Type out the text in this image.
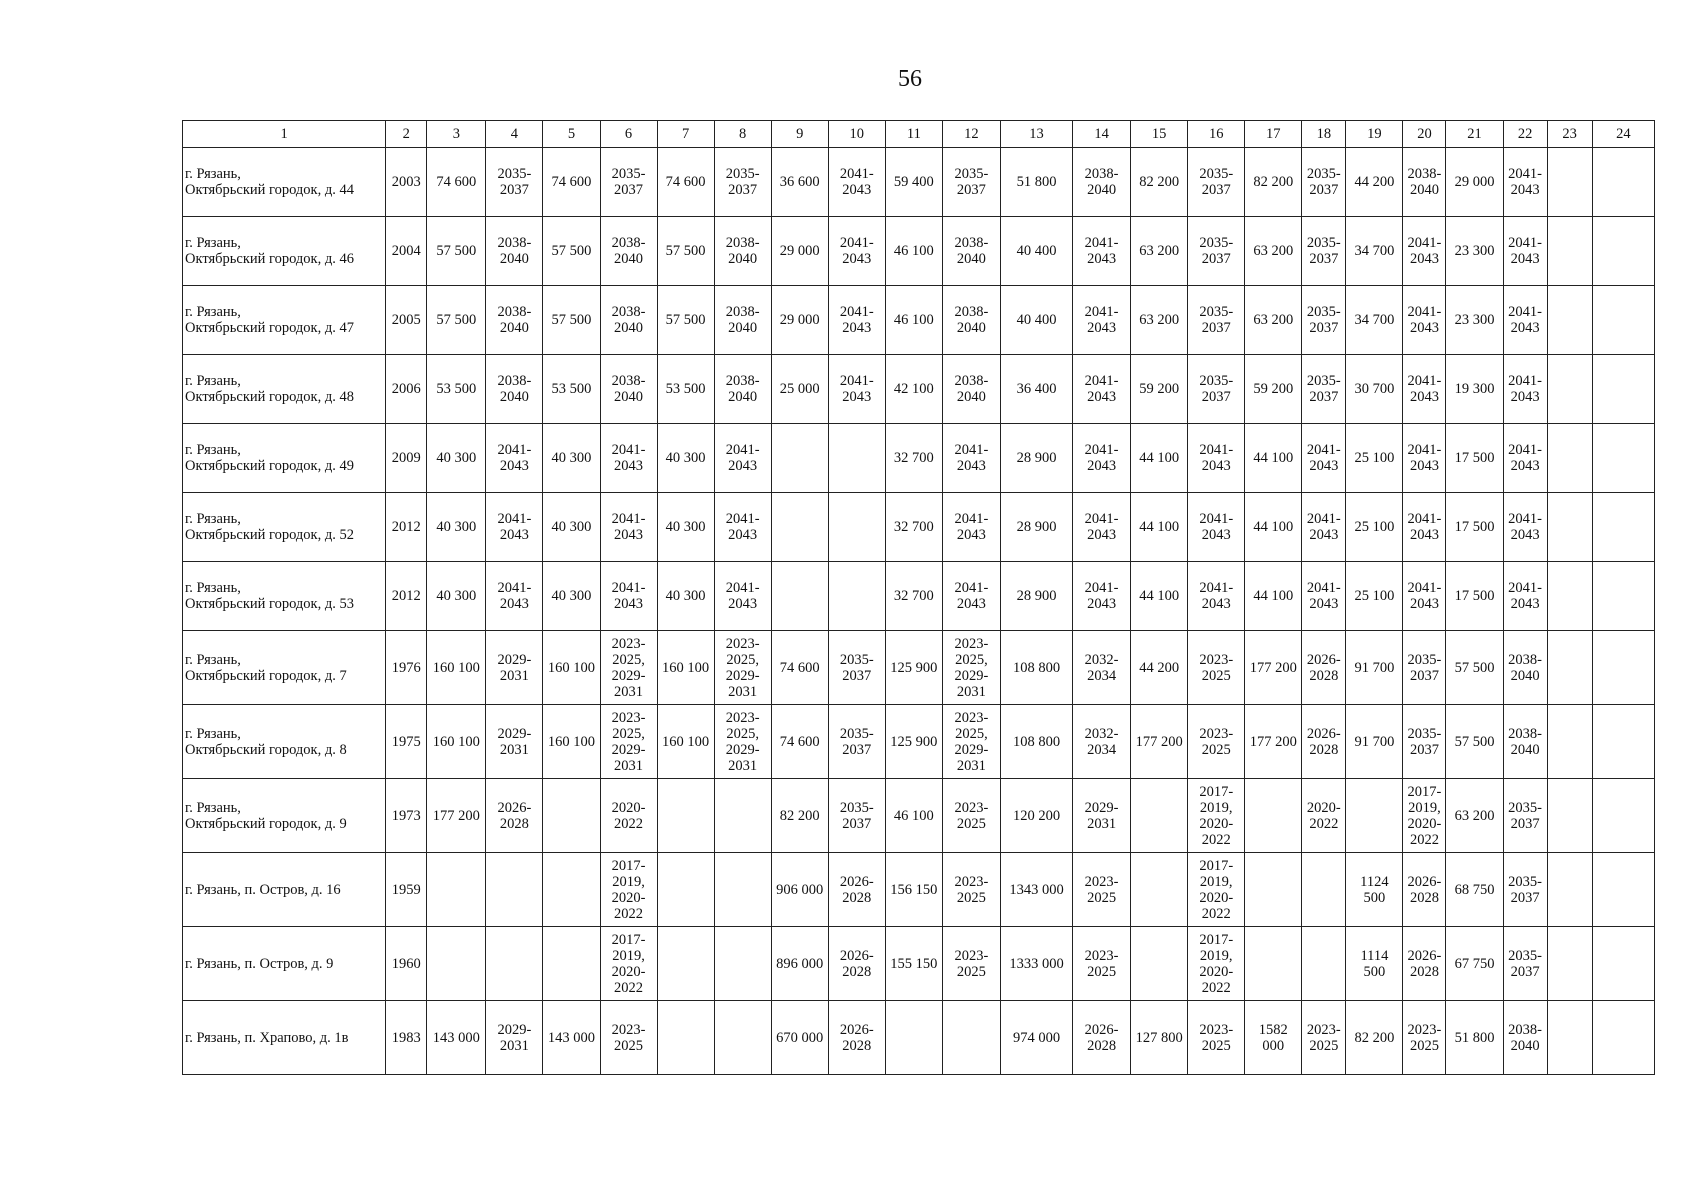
56
1	2	3	4	5	6	7	8	9	10	11	12	13	14	15	16	17	18	19	20	21	22	23	24
г. Рязань,
Октябрьский городок, д. 44	2003	74 600	2035-
2037	74 600	2035-
2037	74 600	2035-
2037	36 600	2041-
2043	59 400	2035-
2037	51 800	2038-
2040	82 200	2035-
2037	82 200	2035-
2037	44 200	2038-
2040	29 000	2041-
2043		
г. Рязань,
Октябрьский городок, д. 46	2004	57 500	2038-
2040	57 500	2038-
2040	57 500	2038-
2040	29 000	2041-
2043	46 100	2038-
2040	40 400	2041-
2043	63 200	2035-
2037	63 200	2035-
2037	34 700	2041-
2043	23 300	2041-
2043		
г. Рязань,
Октябрьский городок, д. 47	2005	57 500	2038-
2040	57 500	2038-
2040	57 500	2038-
2040	29 000	2041-
2043	46 100	2038-
2040	40 400	2041-
2043	63 200	2035-
2037	63 200	2035-
2037	34 700	2041-
2043	23 300	2041-
2043		
г. Рязань,
Октябрьский городок, д. 48	2006	53 500	2038-
2040	53 500	2038-
2040	53 500	2038-
2040	25 000	2041-
2043	42 100	2038-
2040	36 400	2041-
2043	59 200	2035-
2037	59 200	2035-
2037	30 700	2041-
2043	19 300	2041-
2043		
г. Рязань,
Октябрьский городок, д. 49	2009	40 300	2041-
2043	40 300	2041-
2043	40 300	2041-
2043			32 700	2041-
2043	28 900	2041-
2043	44 100	2041-
2043	44 100	2041-
2043	25 100	2041-
2043	17 500	2041-
2043		
г. Рязань,
Октябрьский городок, д. 52	2012	40 300	2041-
2043	40 300	2041-
2043	40 300	2041-
2043			32 700	2041-
2043	28 900	2041-
2043	44 100	2041-
2043	44 100	2041-
2043	25 100	2041-
2043	17 500	2041-
2043		
г. Рязань,
Октябрьский городок, д. 53	2012	40 300	2041-
2043	40 300	2041-
2043	40 300	2041-
2043			32 700	2041-
2043	28 900	2041-
2043	44 100	2041-
2043	44 100	2041-
2043	25 100	2041-
2043	17 500	2041-
2043		
г. Рязань,
Октябрьский городок, д. 7	1976	160 100	2029-
2031	160 100	2023-
2025,
2029-
2031	160 100	2023-
2025,
2029-
2031	74 600	2035-
2037	125 900	2023-
2025,
2029-
2031	108 800	2032-
2034	44 200	2023-
2025	177 200	2026-
2028	91 700	2035-
2037	57 500	2038-
2040		
г. Рязань,
Октябрьский городок, д. 8	1975	160 100	2029-
2031	160 100	2023-
2025,
2029-
2031	160 100	2023-
2025,
2029-
2031	74 600	2035-
2037	125 900	2023-
2025,
2029-
2031	108 800	2032-
2034	177 200	2023-
2025	177 200	2026-
2028	91 700	2035-
2037	57 500	2038-
2040		
г. Рязань,
Октябрьский городок, д. 9	1973	177 200	2026-
2028		2020-
2022			82 200	2035-
2037	46 100	2023-
2025	120 200	2029-
2031		2017-
2019,
2020-
2022		2020-
2022		2017-
2019,
2020-
2022	63 200	2035-
2037		
г. Рязань, п. Остров, д. 16	1959				2017-
2019,
2020-
2022			906 000	2026-
2028	156 150	2023-
2025	1343 000	2023-
2025		2017-
2019,
2020-
2022			1124
500	2026-
2028	68 750	2035-
2037		
г. Рязань, п. Остров, д. 9	1960				2017-
2019,
2020-
2022			896 000	2026-
2028	155 150	2023-
2025	1333 000	2023-
2025		2017-
2019,
2020-
2022			1114
500	2026-
2028	67 750	2035-
2037		
г. Рязань, п. Храпово, д. 1в	1983	143 000	2029-
2031	143 000	2023-
2025			670 000	2026-
2028			974 000	2026-
2028	127 800	2023-
2025	1582
000	2023-
2025	82 200	2023-
2025	51 800	2038-
2040		
